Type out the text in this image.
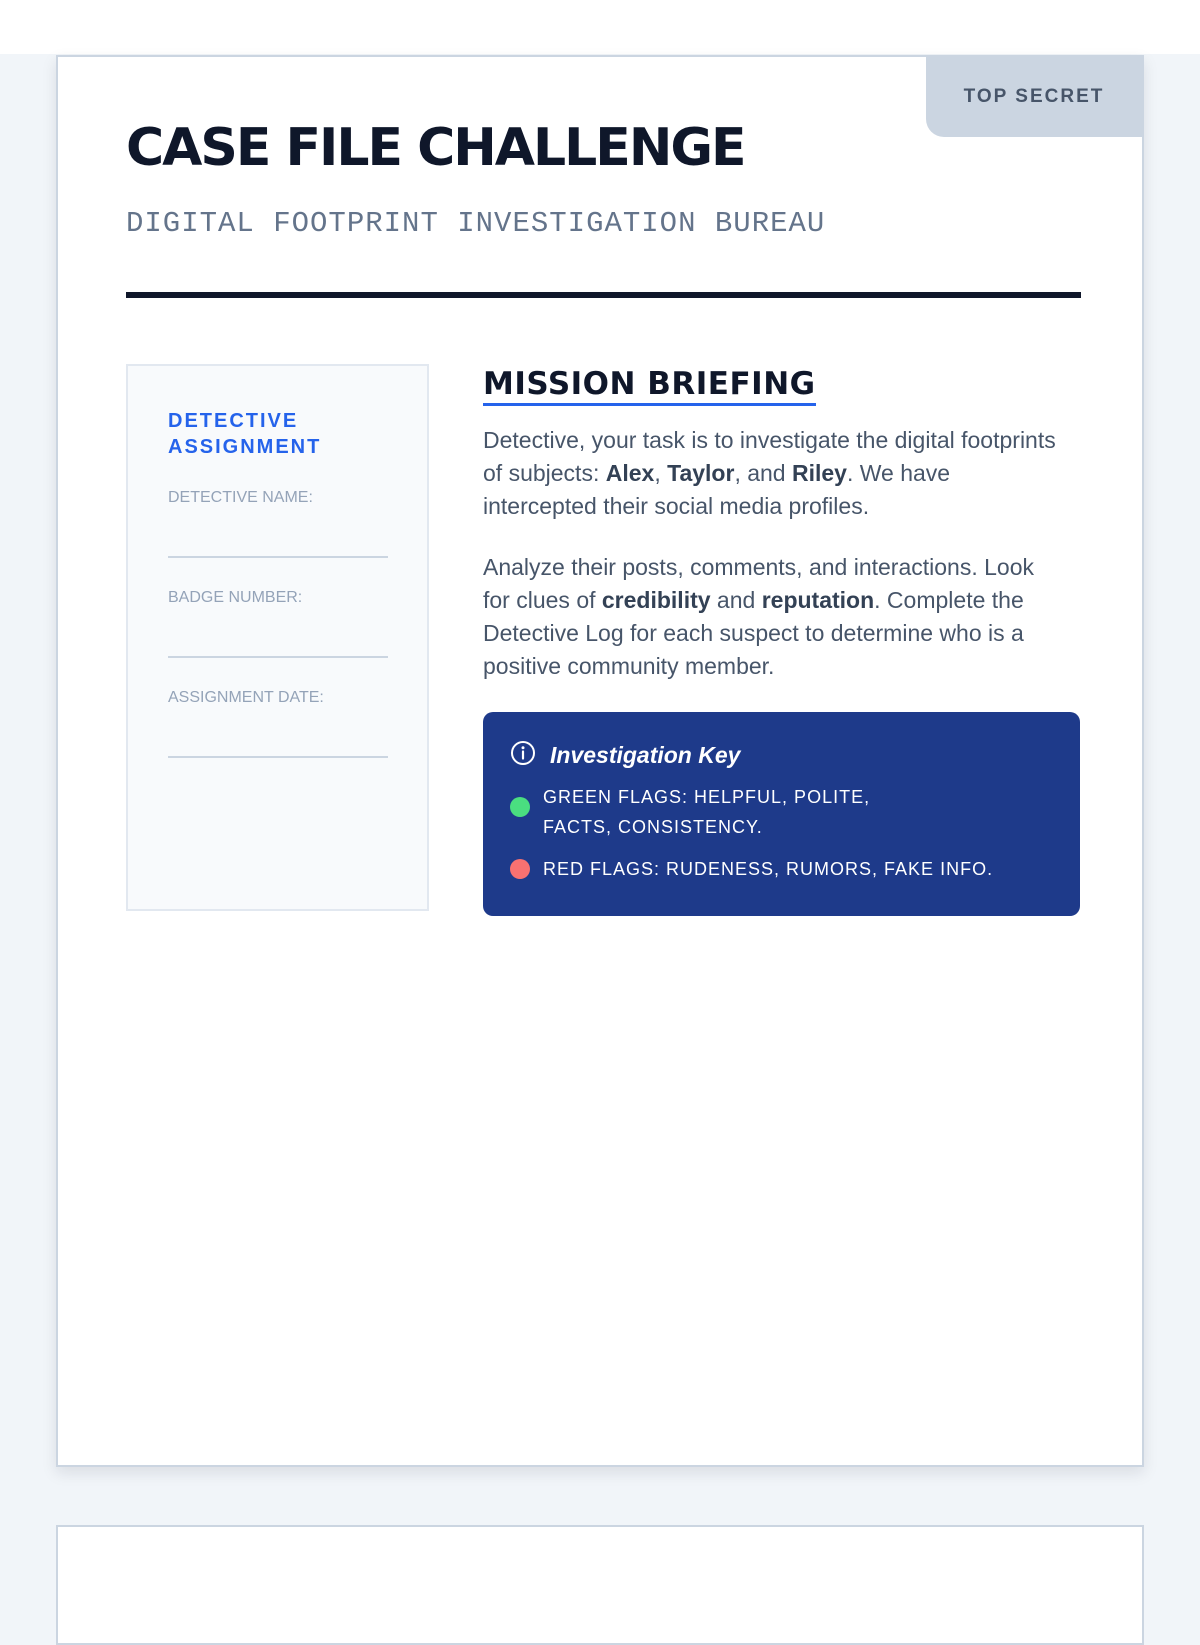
TOP SECRET
CASE FILE CHALLENGE
DIGITAL FOOTPRINT INVESTIGATION BUREAU
DETECTIVE ASSIGNMENT
DETECTIVE NAME:
BADGE NUMBER:
ASSIGNMENT DATE:
MISSION BRIEFING

Detective, your task is to investigate the digital footprints of subjects: Alex, Taylor, and Riley. We have intercepted their social media profiles.

Analyze their posts, comments, and interactions. Look for clues of credibility and reputation. Complete the Detective Log for each suspect to determine who is a positive community member.

Investigation Key
GREEN FLAGS: HELPFUL, POLITE, FACTS, CONSISTENCY.
RED FLAGS: RUDENESS, RUMORS, FAKE INFO.
